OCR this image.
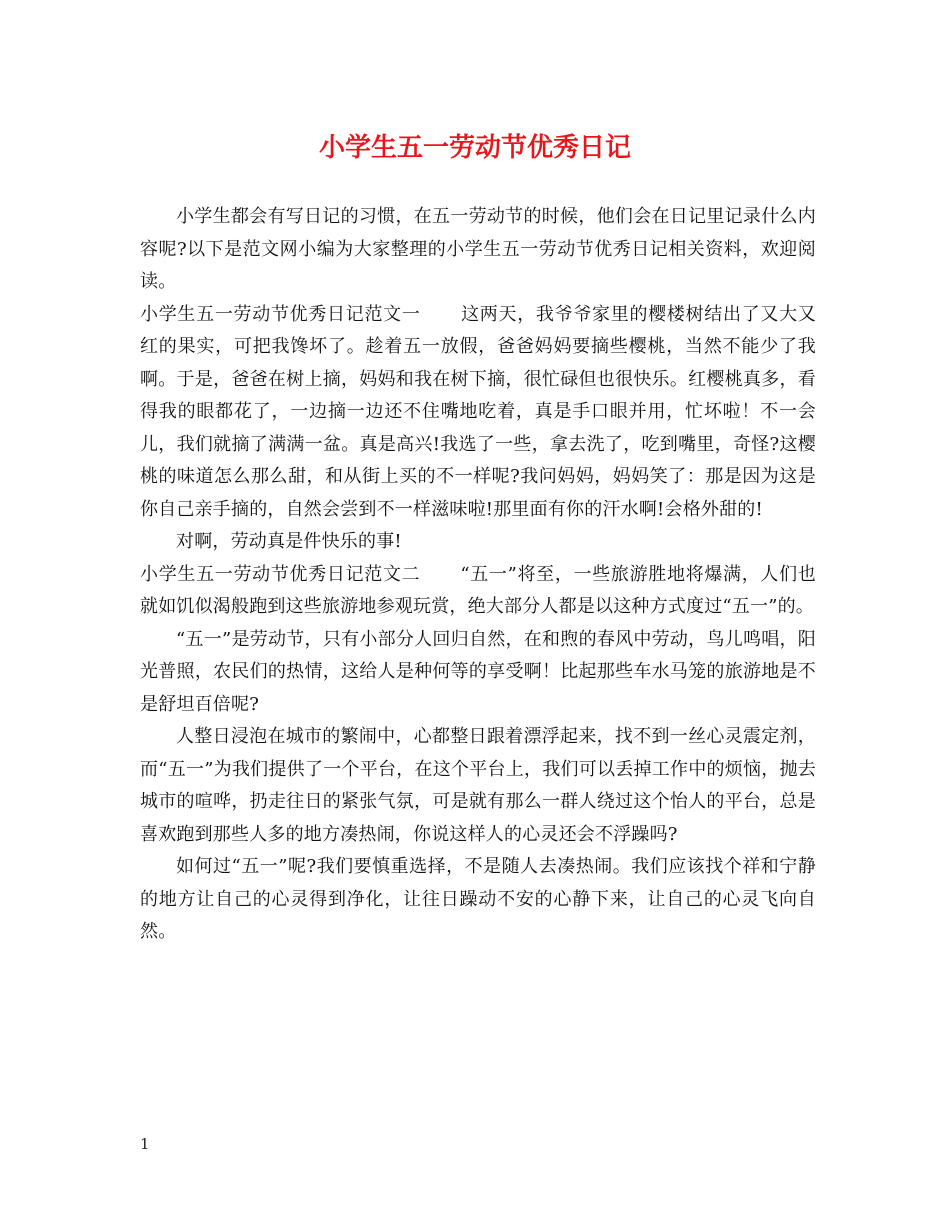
小学生五一劳动节优秀日记

小学生都会有写日记的习惯，在五一劳动节的时候，他们会在日记里记录什么内容呢?以下是范文网小编为大家整理的小学生五一劳动节优秀日记相关资料，欢迎阅读。

小学生五一劳动节优秀日记范文一 这两天，我爷爷家里的樱楼树结出了又大又红的果实，可把我馋坏了。趁着五一放假，爸爸妈妈要摘些樱桃，当然不能少了我啊。于是，爸爸在树上摘，妈妈和我在树下摘，很忙碌但也很快乐。红樱桃真多，看得我的眼都花了，一边摘一边还不住嘴地吃着，真是手口眼并用，忙坏啦！不一会儿，我们就摘了满满一盆。真是高兴!我选了一些，拿去洗了，吃到嘴里，奇怪?这樱桃的味道怎么那么甜，和从街上买的不一样呢?我问妈妈，妈妈笑了：那是因为这是你自己亲手摘的，自然会尝到不一样滋味啦!那里面有你的汗水啊!会格外甜的!

对啊，劳动真是件快乐的事!

小学生五一劳动节优秀日记范文二 “五一”将至，一些旅游胜地将爆满，人们也就如饥似渴般跑到这些旅游地参观玩赏，绝大部分人都是以这种方式度过“五一”的。

“五一”是劳动节，只有小部分人回归自然，在和煦的春风中劳动，鸟儿鸣唱，阳光普照，农民们的热情，这给人是种何等的享受啊！比起那些车水马笼的旅游地是不是舒坦百倍呢?

人整日浸泡在城市的繁闹中，心都整日跟着漂浮起来，找不到一丝心灵震定剂，而“五一”为我们提供了一个平台，在这个平台上，我们可以丢掉工作中的烦恼，抛去城市的喧哗，扔走往日的紧张气氛，可是就有那么一群人绕过这个怡人的平台，总是喜欢跑到那些人多的地方凑热闹，你说这样人的心灵还会不浮躁吗?

如何过“五一”呢?我们要慎重选择，不是随人去凑热闹。我们应该找个祥和宁静的地方让自己的心灵得到净化，让往日躁动不安的心静下来，让自己的心灵飞向自然。

1
